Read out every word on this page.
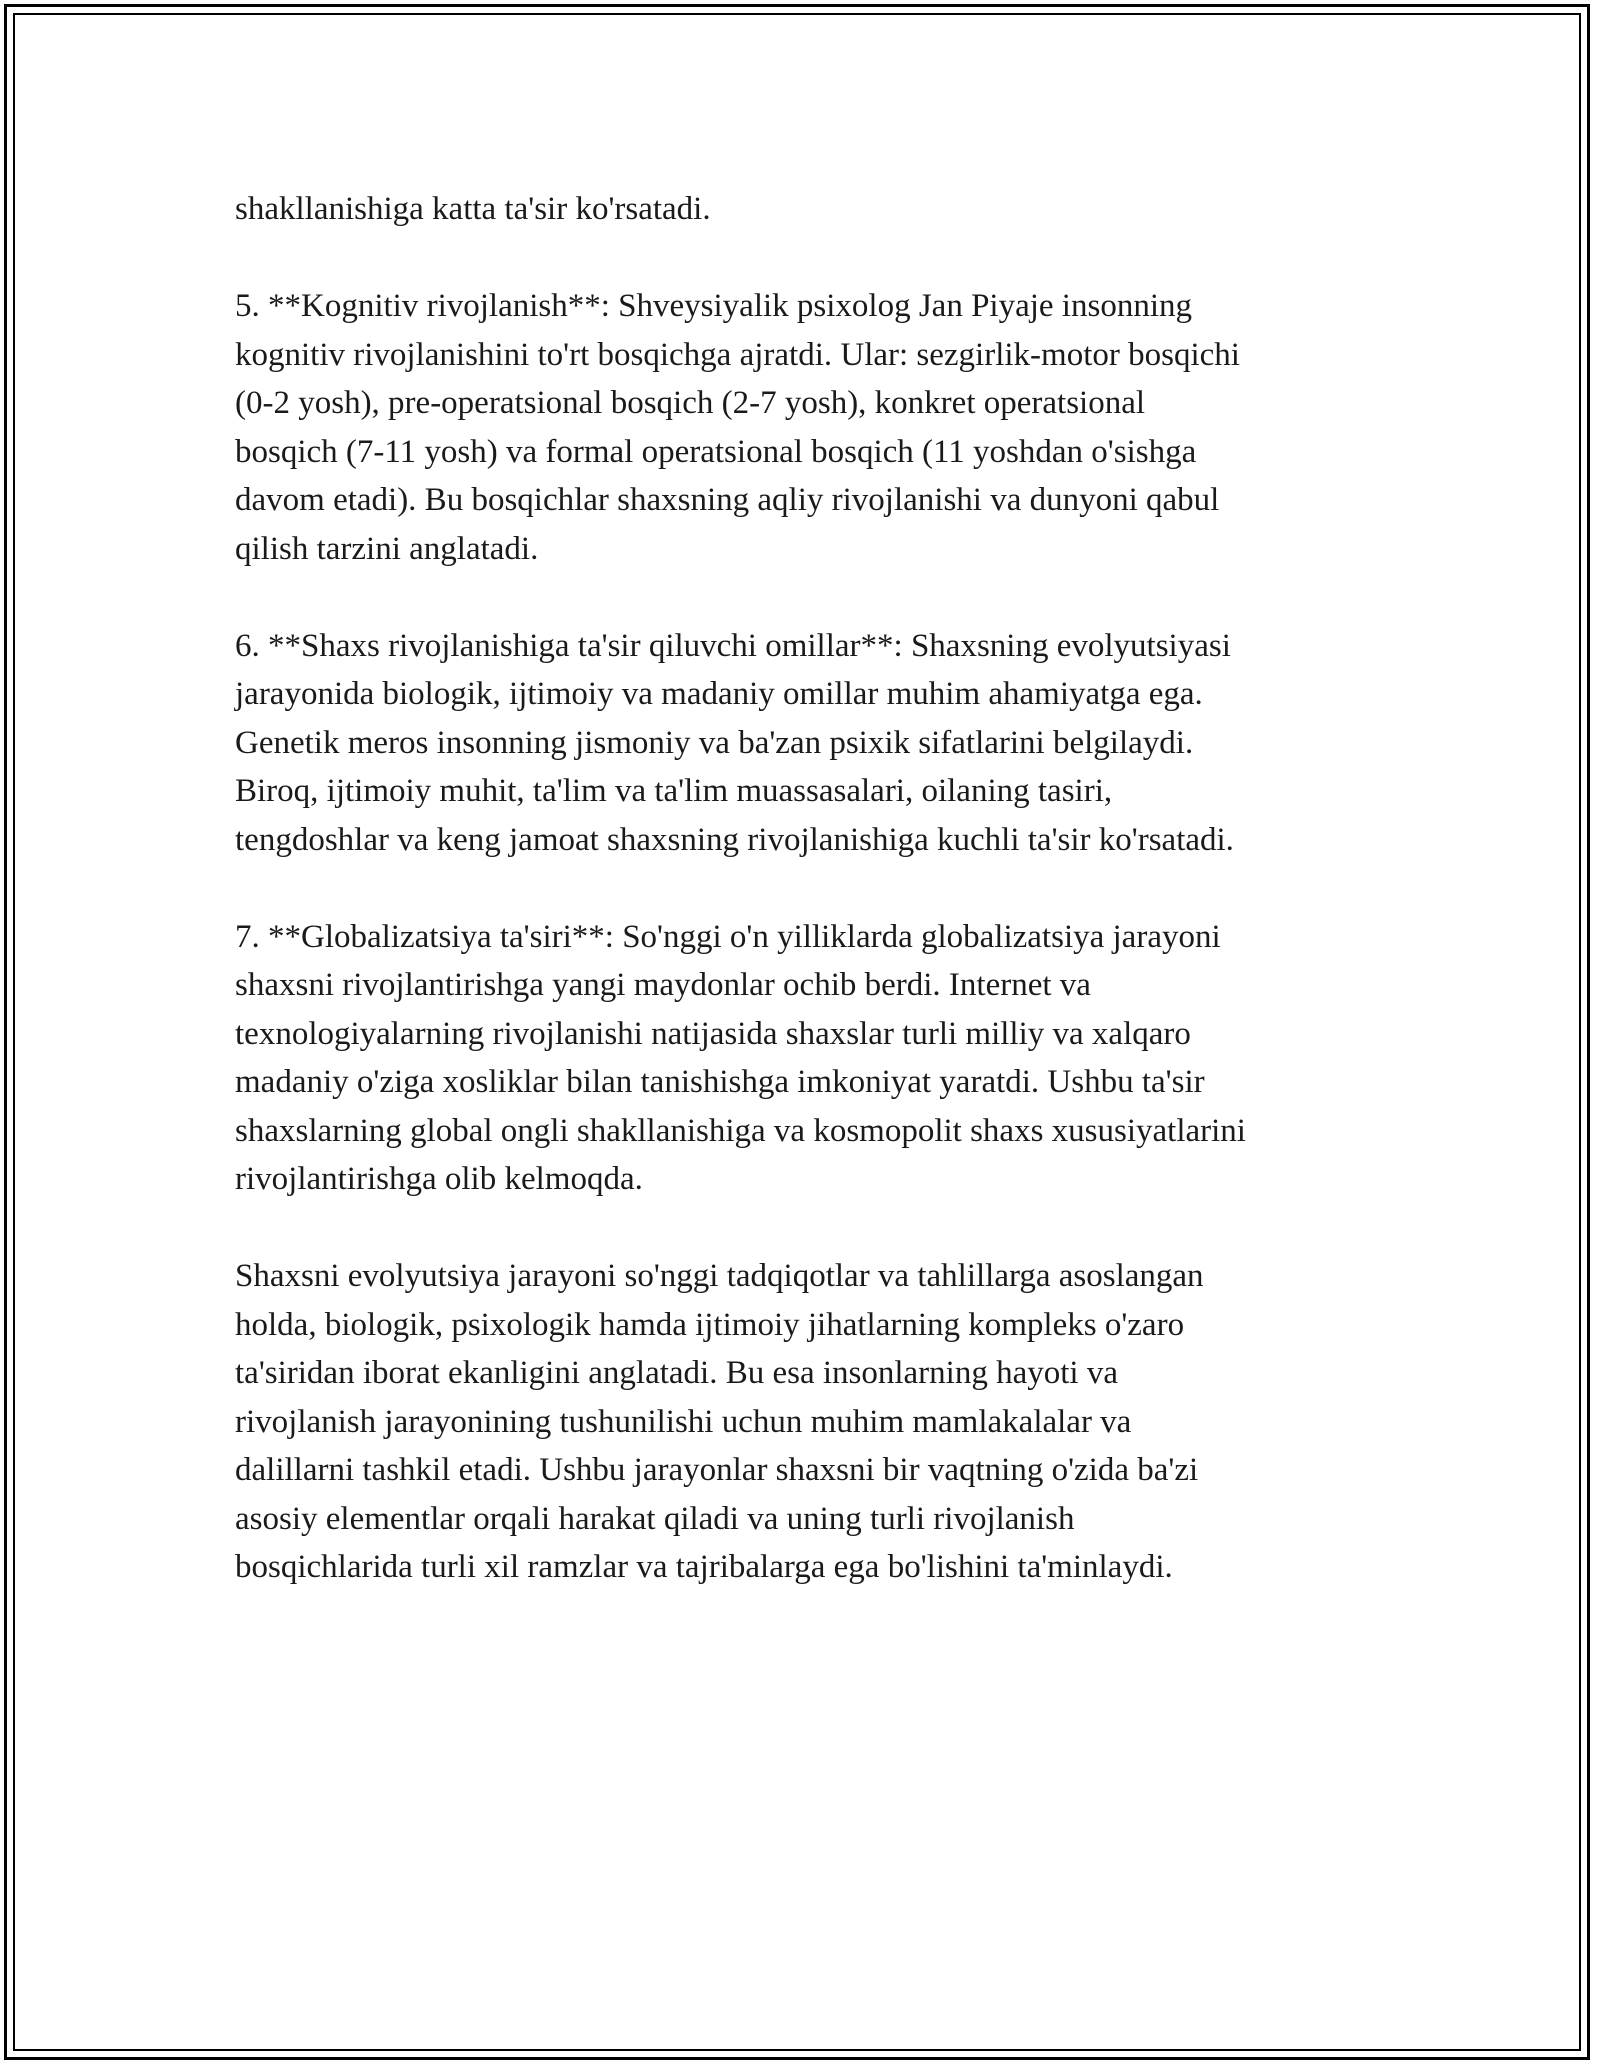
shakllanishiga katta ta'sir ko'rsatadi.

5. **Kognitiv rivojlanish**: Shveysiyalik psixolog Jan Piyaje insonning
kognitiv rivojlanishini to'rt bosqichga ajratdi. Ular: sezgirlik-motor bosqichi
(0-2 yosh), pre-operatsional bosqich (2-7 yosh), konkret operatsional
bosqich (7-11 yosh) va formal operatsional bosqich (11 yoshdan o'sishga
davom etadi). Bu bosqichlar shaxsning aqliy rivojlanishi va dunyoni qabul
qilish tarzini anglatadi.

6. **Shaxs rivojlanishiga ta'sir qiluvchi omillar**: Shaxsning evolyutsiyasi
jarayonida biologik, ijtimoiy va madaniy omillar muhim ahamiyatga ega.
Genetik meros insonning jismoniy va ba'zan psixik sifatlarini belgilaydi.
Biroq, ijtimoiy muhit, ta'lim va ta'lim muassasalari, oilaning tasiri,
tengdoshlar va keng jamoat shaxsning rivojlanishiga kuchli ta'sir ko'rsatadi.

7. **Globalizatsiya ta'siri**: So'nggi o'n yilliklarda globalizatsiya jarayoni
shaxsni rivojlantirishga yangi maydonlar ochib berdi. Internet va
texnologiyalarning rivojlanishi natijasida shaxslar turli milliy va xalqaro
madaniy o'ziga xosliklar bilan tanishishga imkoniyat yaratdi. Ushbu ta'sir
shaxslarning global ongli shakllanishiga va kosmopolit shaxs xususiyatlarini
rivojlantirishga olib kelmoqda.

Shaxsni evolyutsiya jarayoni so'nggi tadqiqotlar va tahlillarga asoslangan
holda, biologik, psixologik hamda ijtimoiy jihatlarning kompleks o'zaro
ta'siridan iborat ekanligini anglatadi. Bu esa insonlarning hayoti va
rivojlanish jarayonining tushunilishi uchun muhim mamlakalalar va
dalillarni tashkil etadi. Ushbu jarayonlar shaxsni bir vaqtning o'zida ba'zi
asosiy elementlar orqali harakat qiladi va uning turli rivojlanish
bosqichlarida turli xil ramzlar va tajribalarga ega bo'lishini ta'minlaydi.
